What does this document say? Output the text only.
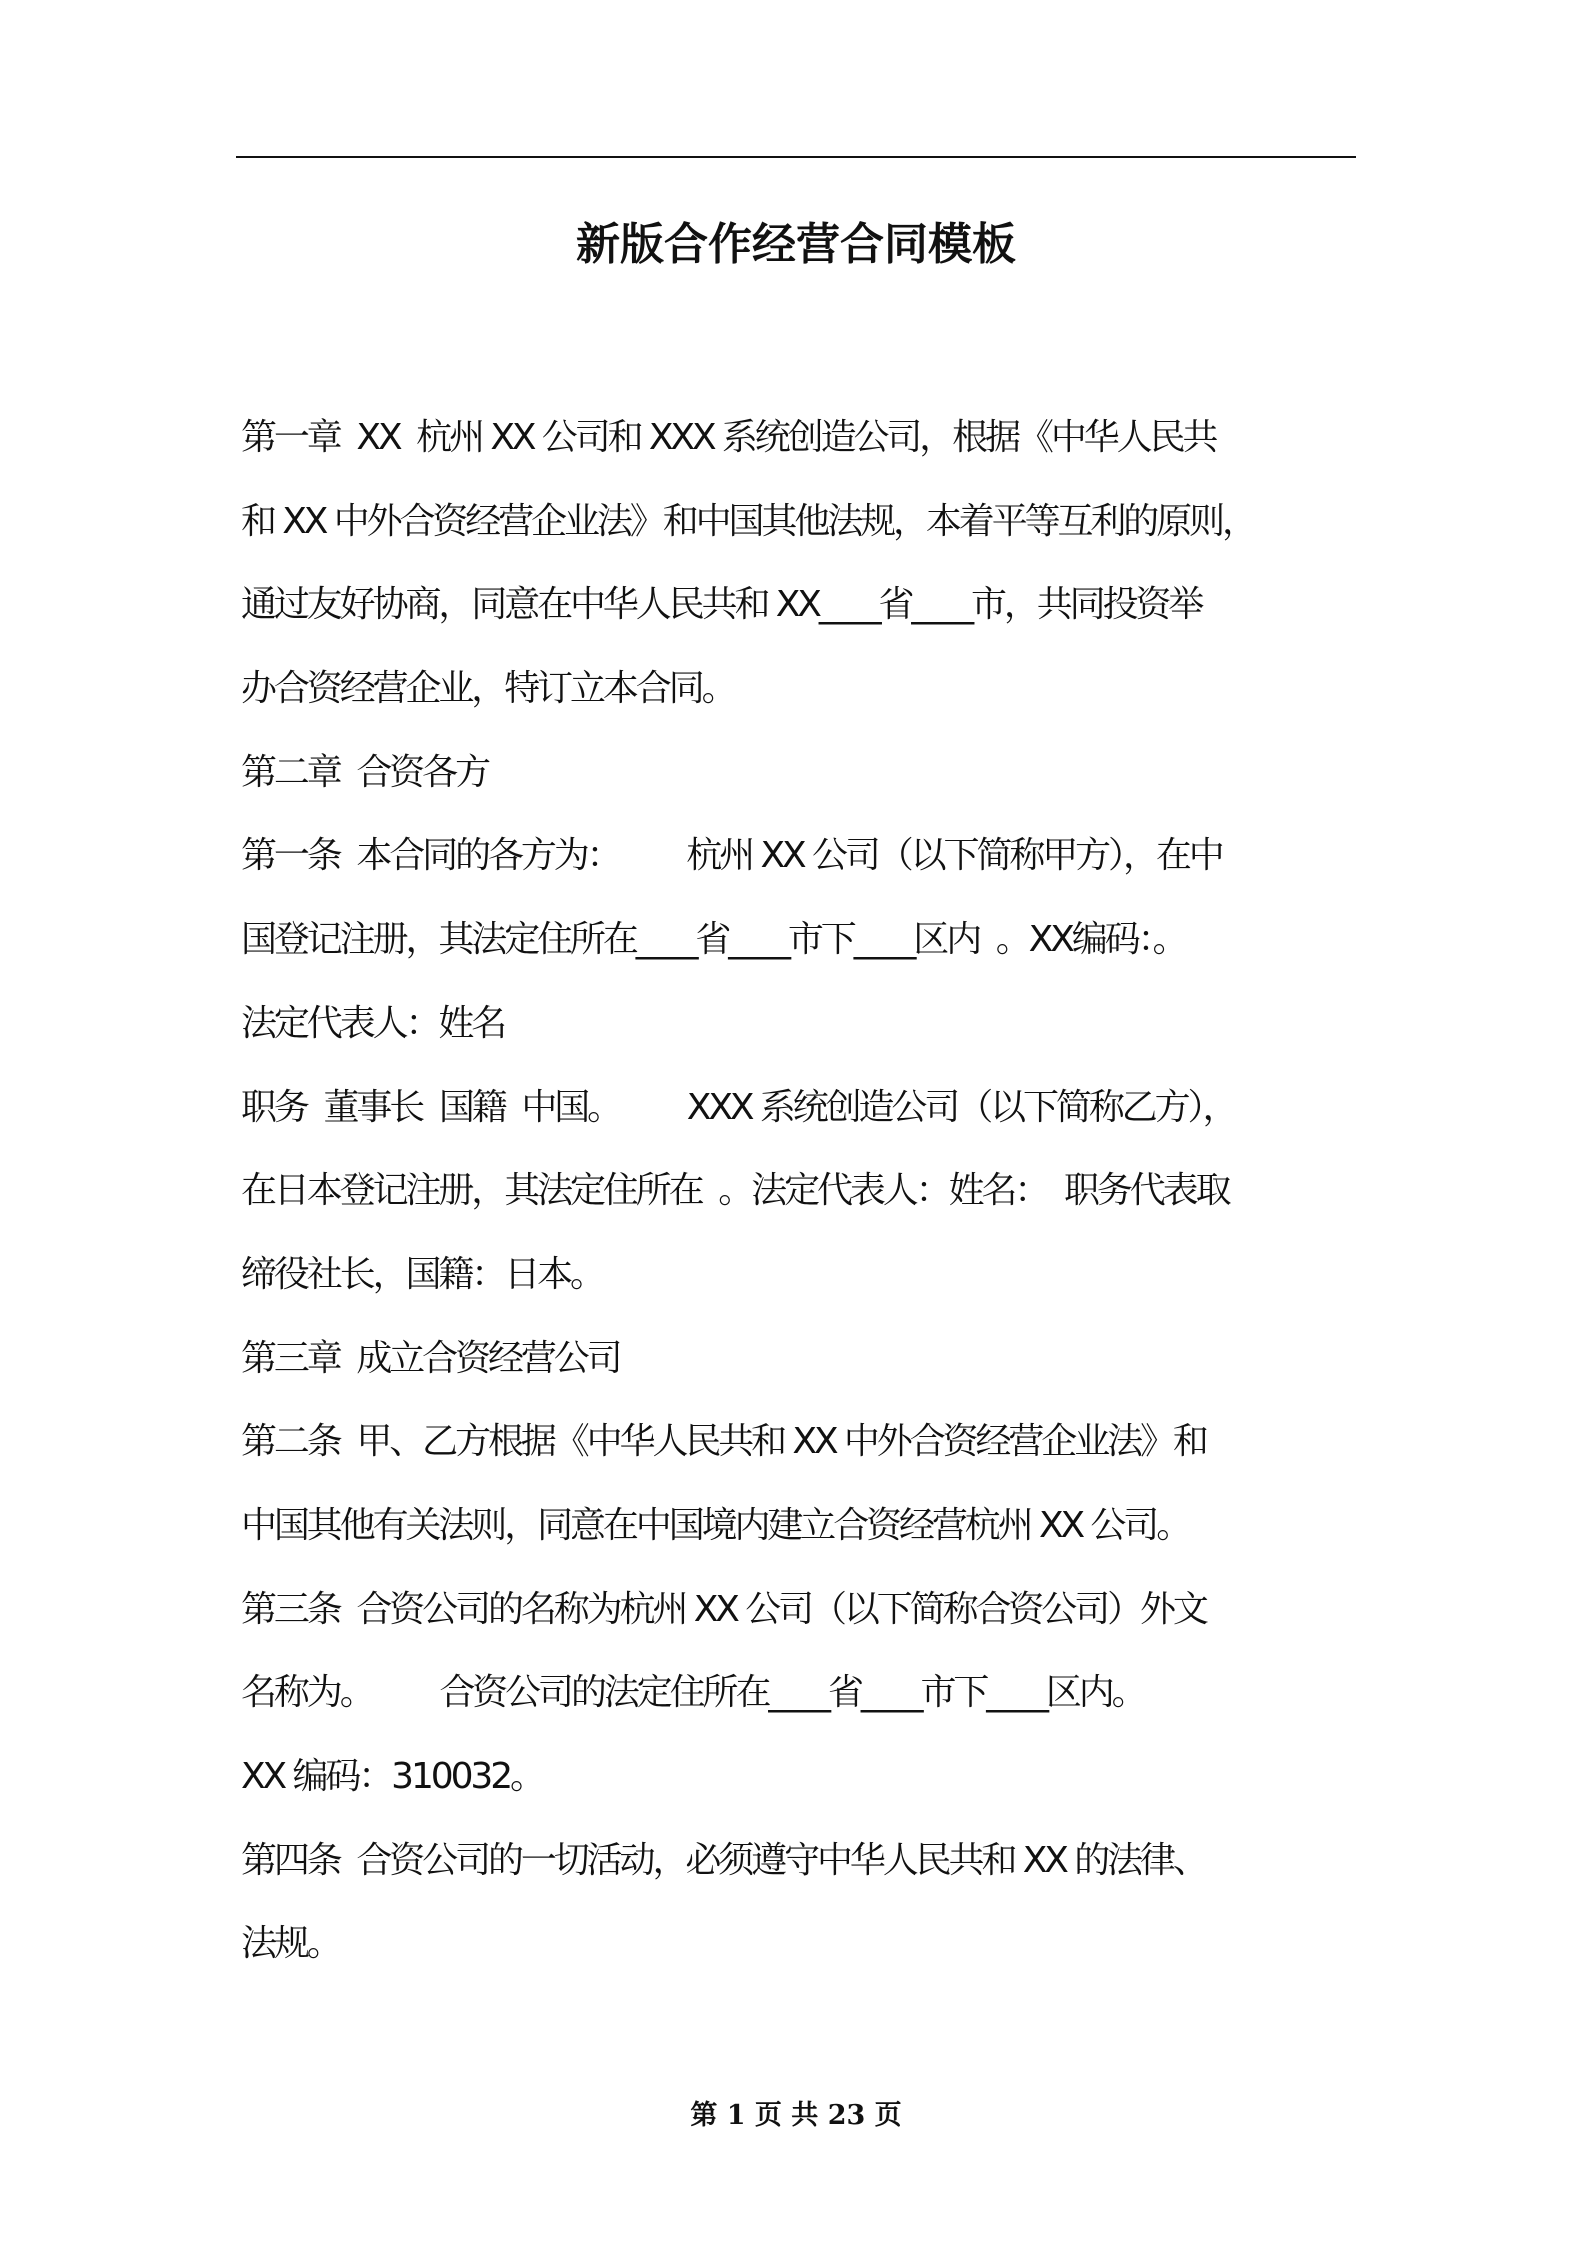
新版合作经营合同模板
第一章  XX  杭州 XX 公司和 XXX 系统创造公司，根据《中华人民共
和 XX 中外合资经营企业法》和中国其他法规，本着平等互利的原则，
通过友好协商，同意在中华人民共和 XX____省____市，共同投资举
办合资经营企业，特订立本合同。
第二章  合资各方
第一条  本合同的各方为：        杭州 XX 公司（以下简称甲方），在中
国登记注册，其法定住所在____省____市下____区内  。XX编码：。
法定代表人：姓名
职务  董事长  国籍  中国。        XXX 系统创造公司（以下简称乙方），
在日本登记注册，其法定住所在  。法定代表人：姓名：  职务代表取
缔役社长，国籍：日本。
第三章  成立合资经营公司
第二条  甲、乙方根据《中华人民共和 XX 中外合资经营企业法》和
中国其他有关法则，同意在中国境内建立合资经营杭州 XX 公司。
第三条  合资公司的名称为杭州 XX 公司（以下简称合资公司）外文
名称为。        合资公司的法定住所在____省____市下____区内。
XX 编码：310032。
第四条  合资公司的一切活动，必须遵守中华人民共和 XX 的法律、
法规。
第 1 页 共 23 页
